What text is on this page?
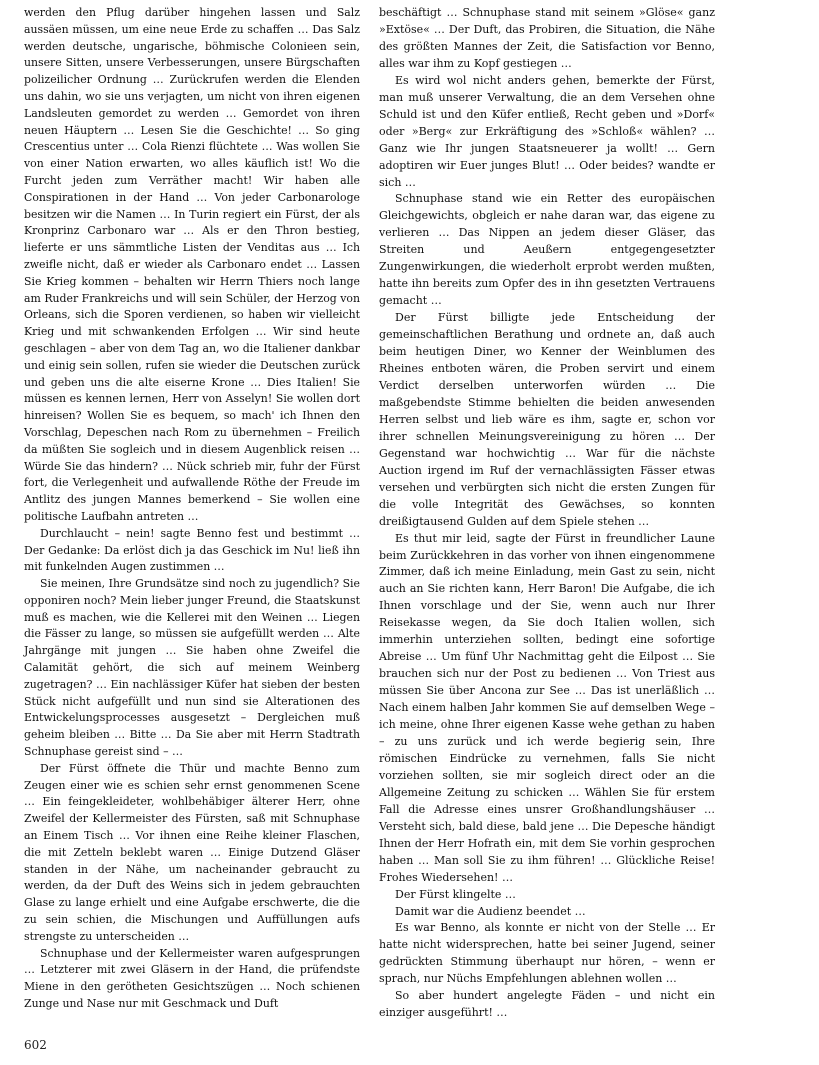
werden den Pflug darüber hingehen lassen und Salz aussäen müssen, um eine neue Erde zu schaffen … Das Salz werden deutsche, ungarische, böhmische Colonieen sein, unsere Sitten, unsere Verbesserungen, unsere Bürgschaften polizeilicher Ordnung … Zurückrufen werden die Elenden uns dahin, wo sie uns verjagten, um nicht von ihren eigenen Landsleuten gemordet zu werden … Gemordet von ihren neuen Häuptern … Lesen Sie die Geschichte! … So ging Crescentius unter … Cola Rienzi flüchtete … Was wollen Sie von einer Nation erwarten, wo alles käuflich ist! Wo die Furcht jeden zum Verräther macht! Wir haben alle Conspirationen in der Hand … Von jeder Carbonarologe besitzen wir die Namen … In Turin regiert ein Fürst, der als Kronprinz Carbonaro war … Als er den Thron bestieg, lieferte er uns sämmtliche Listen der Venditas aus … Ich zweifle nicht, daß er wieder als Carbonaro endet … Lassen Sie Krieg kommen – behalten wir Herrn Thiers noch lange am Ruder Frankreichs und will sein Schüler, der Herzog von Orleans, sich die Sporen verdienen, so haben wir vielleicht Krieg und mit schwankenden Erfolgen … Wir sind heute geschlagen – aber von dem Tag an, wo die Italiener dankbar und einig sein sollen, rufen sie wieder die Deutschen zurück und geben uns die alte eiserne Krone … Dies Italien! Sie müssen es kennen lernen, Herr von Asselyn! Sie wollen dort hinreisen? Wollen Sie es bequem, so mach' ich Ihnen den Vorschlag, Depeschen nach Rom zu übernehmen – Freilich da müßten Sie sogleich und in diesem Augenblick reisen … Würde Sie das hindern? … Nück schrieb mir, fuhr der Fürst fort, die Verlegenheit und aufwallende Röthe der Freude im Antlitz des jungen Mannes bemerkend – Sie wollen eine politische Laufbahn antreten …

Durchlaucht – nein! sagte Benno fest und bestimmt … Der Gedanke: Da erlöst dich ja das Geschick im Nu! ließ ihn mit funkelnden Augen zustimmen …

Sie meinen, Ihre Grundsätze sind noch zu jugendlich? Sie opponiren noch? Mein lieber junger Freund, die Staatskunst muß es machen, wie die Kellerei mit den Weinen … Liegen die Fässer zu lange, so müssen sie aufgefüllt werden … Alte Jahrgänge mit jungen … Sie haben ohne Zweifel die Calamität gehört, die sich auf meinem Weinberg zugetragen? … Ein nachlässiger Küfer hat sieben der besten Stück nicht aufgefüllt und nun sind sie Alterationen des Entwickelungsprocesses ausgesetzt – Dergleichen muß geheim bleiben … Bitte … Da Sie aber mit Herrn Stadtrath Schnuphase gereist sind – …

Der Fürst öffnete die Thür und machte Benno zum Zeugen einer wie es schien sehr ernst genommenen Scene … Ein feingekleideter, wohlbehäbiger älterer Herr, ohne Zweifel der Kellermeister des Fürsten, saß mit Schnuphase an Einem Tisch … Vor ihnen eine Reihe kleiner Flaschen, die mit Zetteln beklebt waren … Einige Dutzend Gläser standen in der Nähe, um nacheinander gebraucht zu werden, da der Duft des Weins sich in jedem gebrauchten Glase zu lange erhielt und eine Aufgabe erschwerte, die die zu sein schien, die Mischungen und Auffüllungen aufs strengste zu unterscheiden …

Schnuphase und der Kellermeister waren aufgesprungen … Letzterer mit zwei Gläsern in der Hand, die prüfendste Miene in den gerötheten Gesichtszügen … Noch schienen Zunge und Nase nur mit Geschmack und Duft

beschäftigt … Schnuphase stand mit seinem »Glöse« ganz »Extöse« … Der Duft, das Probiren, die Situation, die Nähe des größten Mannes der Zeit, die Satisfaction vor Benno, alles war ihm zu Kopf gestiegen …

Es wird wol nicht anders gehen, bemerkte der Fürst, man muß unserer Verwaltung, die an dem Versehen ohne Schuld ist und den Küfer entließ, Recht geben und »Dorf« oder »Berg« zur Erkräftigung des »Schloß« wählen? … Ganz wie Ihr jungen Staatsneuerer ja wollt! … Gern adoptiren wir Euer junges Blut! … Oder beides? wandte er sich …

Schnuphase stand wie ein Retter des europäischen Gleichgewichts, obgleich er nahe daran war, das eigene zu verlieren … Das Nippen an jedem dieser Gläser, das Streiten und Aeußern entgegengesetzter Zungenwirkungen, die wiederholt erprobt werden mußten, hatte ihn bereits zum Opfer des in ihn gesetzten Vertrauens gemacht …

Der Fürst billigte jede Entscheidung der gemeinschaftlichen Berathung und ordnete an, daß auch beim heutigen Diner, wo Kenner der Weinblumen des Rheines entboten wären, die Proben servirt und einem Verdict derselben unterworfen würden … Die maßgebendste Stimme behielten die beiden anwesenden Herren selbst und lieb wäre es ihm, sagte er, schon vor ihrer schnellen Meinungsvereinigung zu hören … Der Gegenstand war hochwichtig … War für die nächste Auction irgend im Ruf der vernachlässigten Fässer etwas versehen und verbürgten sich nicht die ersten Zungen für die volle Integrität des Gewächses, so konnten dreißigtausend Gulden auf dem Spiele stehen …

Es thut mir leid, sagte der Fürst in freundlicher Laune beim Zurückkehren in das vorher von ihnen eingenommene Zimmer, daß ich meine Einladung, mein Gast zu sein, nicht auch an Sie richten kann, Herr Baron! Die Aufgabe, die ich Ihnen vorschlage und der Sie, wenn auch nur Ihrer Reisekasse wegen, da Sie doch Italien wollen, sich immerhin unterziehen sollten, bedingt eine sofortige Abreise … Um fünf Uhr Nachmittag geht die Eilpost … Sie brauchen sich nur der Post zu bedienen … Von Triest aus müssen Sie über Ancona zur See … Das ist unerläßlich … Nach einem halben Jahr kommen Sie auf demselben Wege – ich meine, ohne Ihrer eigenen Kasse wehe gethan zu haben – zu uns zurück und ich werde begierig sein, Ihre römischen Eindrücke zu vernehmen, falls Sie nicht vorziehen sollten, sie mir sogleich direct oder an die Allgemeine Zeitung zu schicken … Wählen Sie für erstem Fall die Adresse eines unsrer Großhandlungshäuser … Versteht sich, bald diese, bald jene … Die Depesche händigt Ihnen der Herr Hofrath ein, mit dem Sie vorhin gesprochen haben … Man soll Sie zu ihm führen! … Glückliche Reise! Frohes Wiedersehen! …

Der Fürst klingelte …

Damit war die Audienz beendet …

Es war Benno, als konnte er nicht von der Stelle … Er hatte nicht widersprechen, hatte bei seiner Jugend, seiner gedrückten Stimmung überhaupt nur hören, – wenn er sprach, nur Nüchs Empfehlungen ablehnen wollen …

So aber hundert angelegte Fäden – und nicht ein einziger ausgeführt! …

602
